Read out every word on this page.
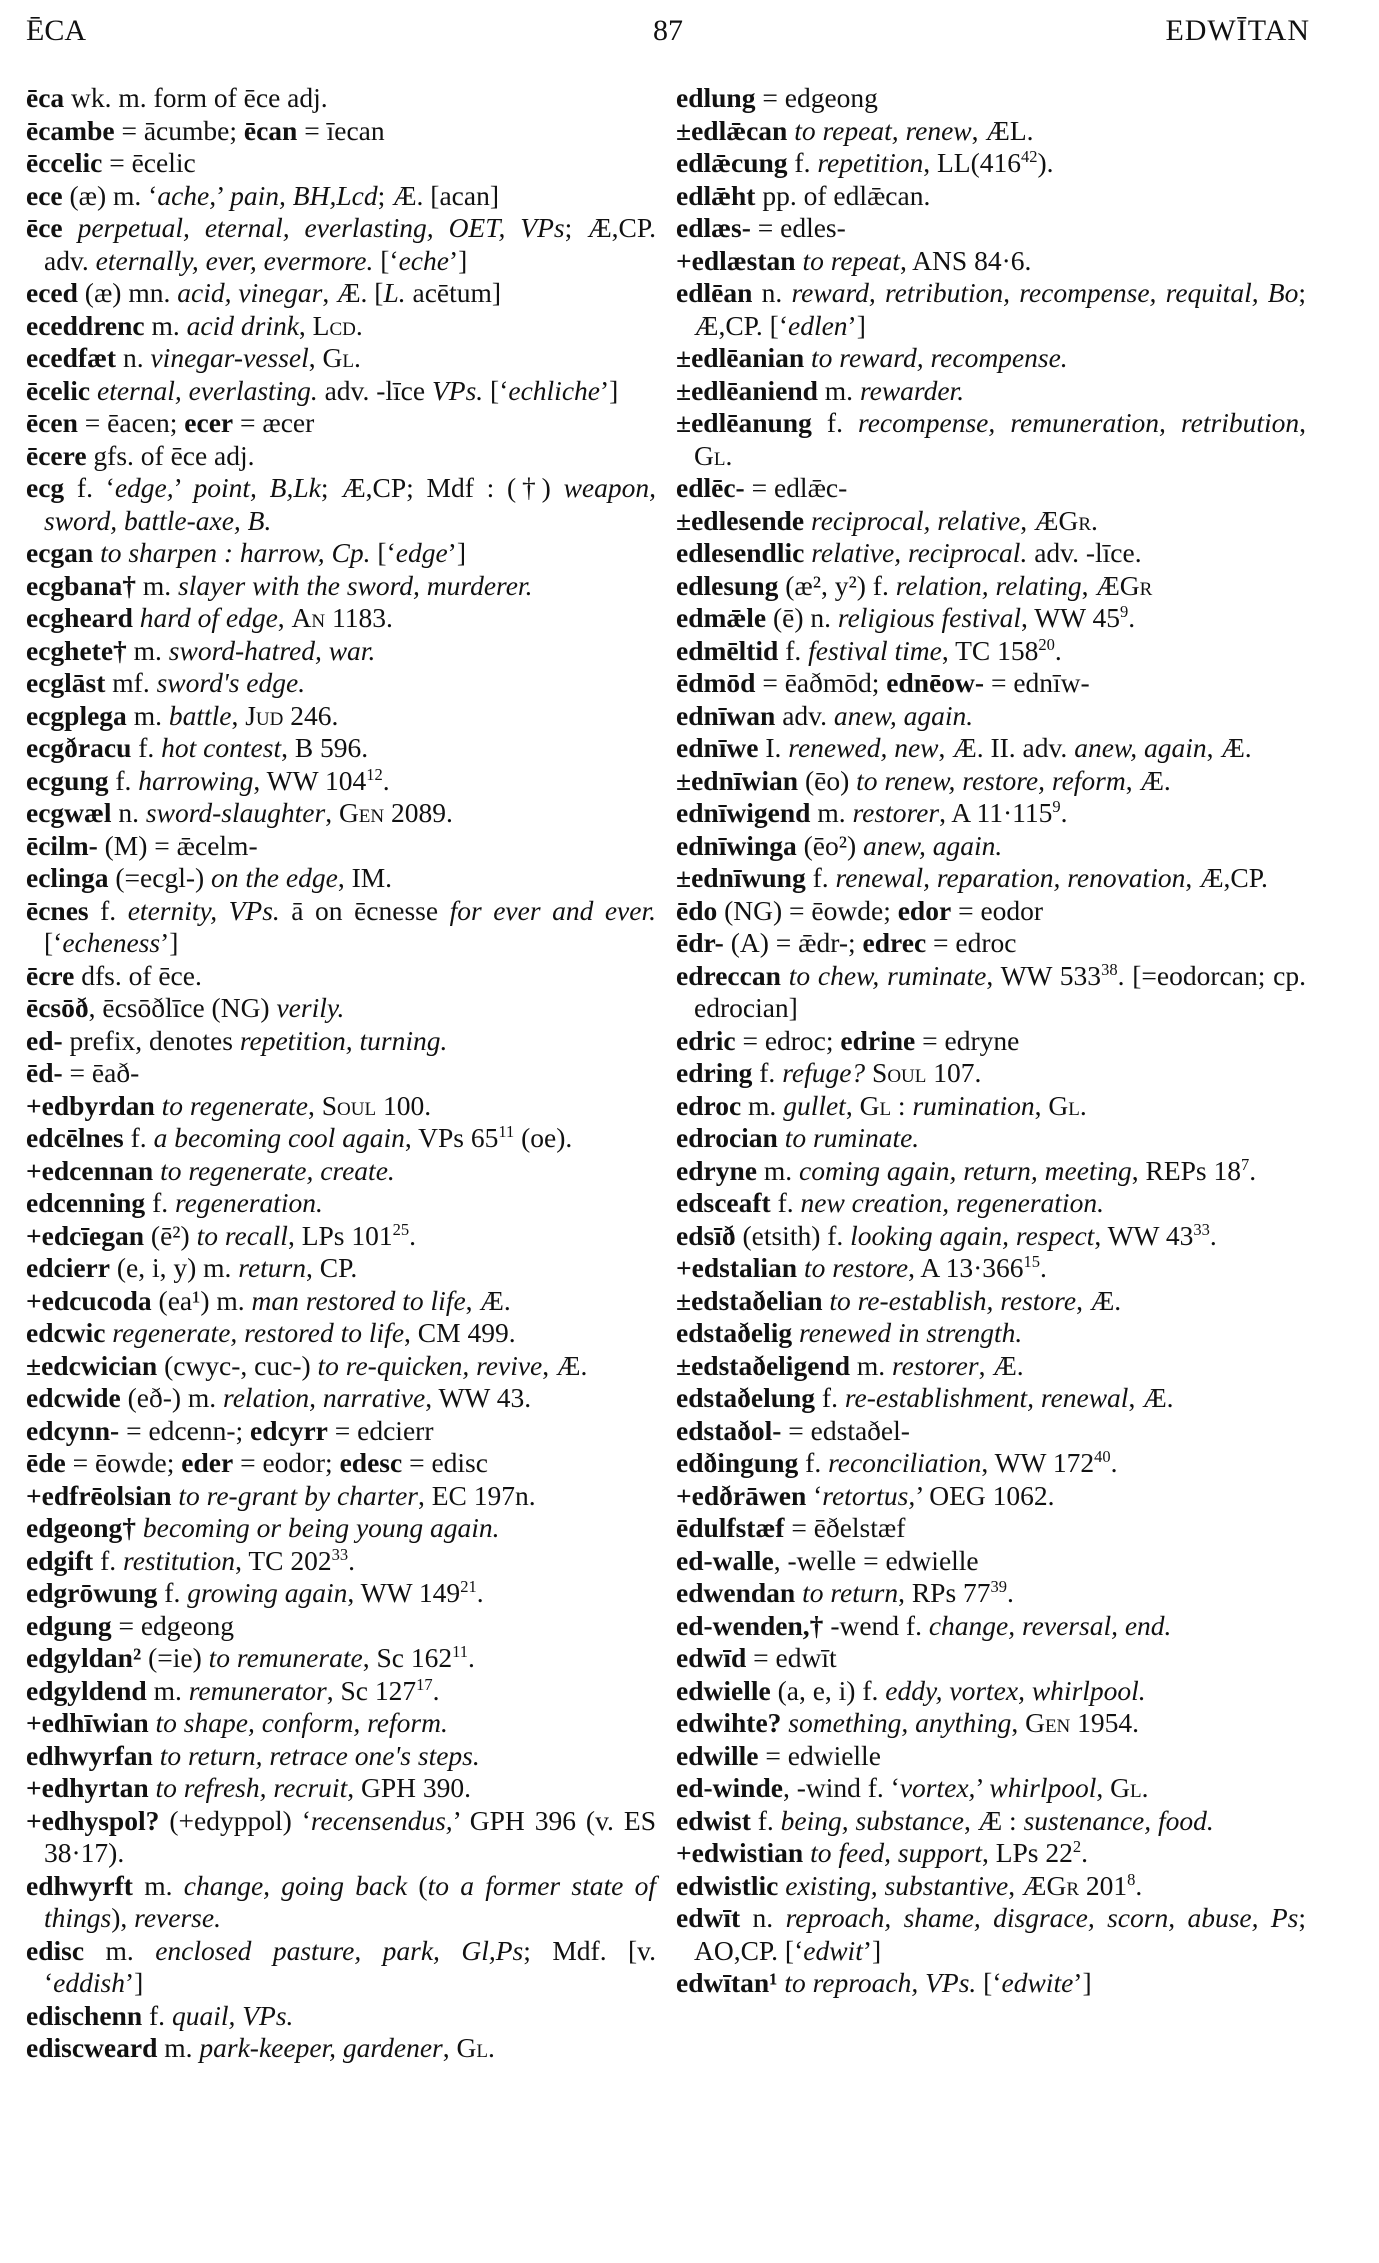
87
ĒCA	EDWĪTAN

ēca wk. m. form of ēce adj.

ēcambe = ācumbe; ēcan = īecan

ēccelic = ēcelic

ece (æ) m. ‘ache,’ pain, BH,Lcd; Æ. [acan]

ēce perpetual, eternal, everlasting, OET, VPs; Æ,CP. adv. eternally, ever, evermore. [‘eche’]

eced (æ) mn. acid, vinegar, Æ. [L. acētum]

eceddrenc m. acid drink, Lcd.

ecedfæt n. vinegar-vessel, Gl.

ēcelic eternal, everlasting. adv. -līce VPs. [‘echliche’]

ēcen = ēacen; ecer = æcer

ēcere gfs. of ēce adj.

ecg f. ‘edge,’ point, B,Lk; Æ,CP; Mdf : (†) weapon, sword, battle-axe, B.

ecgan to sharpen : harrow, Cp. [‘edge’]

ecgbana† m. slayer with the sword, murderer.

ecgheard hard of edge, An 1183.

ecghete† m. sword-hatred, war.

ecglāst mf. sword's edge.

ecgplega m. battle, Jud 246.

ecgðracu f. hot contest, B 596.

ecgung f. harrowing, WW $104^{12}$.

ecgwæl n. sword-slaughter, Gen 2089.

ēcilm- (M) = ǣcelm-

eclinga (=ecgl-) on the edge, IM.

ēcnes f. eternity, VPs. ā on ēcnesse for ever and ever. [‘echeness’]

ēcre dfs. of ēce.

ēcsōð, ēcsōðlīce (NG) verily.

ed- prefix, denotes repetition, turning.

ēd- = ēað-

+edbyrdan to regenerate, Soul 100.

edcēlnes f. a becoming cool again, VPs $65^{11}$ (oe).

+edcennan to regenerate, create.

edcenning f. regeneration.

+edcīegan (ē²) to recall, LPs $101^{25}$.

edcierr (e, i, y) m. return, CP.

+edcucoda (ea¹) m. man restored to life, Æ.

edcwic regenerate, restored to life, CM 499.

±edcwician (cwyc-, cuc-) to re-quicken, revive, Æ.

edcwide (eð-) m. relation, narrative, WW 43.

edcynn- = edcenn-; edcyrr = edcierr

ēde = ēowde; eder = eodor; edesc = edisc

+edfrēolsian to re-grant by charter, EC 197n.

edgeong† becoming or being young again.

edgift f. restitution, TC $202^{33}$.

edgrōwung f. growing again, WW $149^{21}$.

edgung = edgeong

edgyldan² (=ie) to remunerate, Sc $162^{11}$.

edgyldend m. remunerator, Sc $127^{17}$.

+edhīwian to shape, conform, reform.

edhwyrfan to return, retrace one's steps.

+edhyrtan to refresh, recruit, GPH 390.

+edhyspol? (+edyppol) ‘recensendus,’ GPH 396 (v. ES 38·17).

edhwyrft m. change, going back (to a former state of things), reverse.

edisc m. enclosed pasture, park, Gl,Ps; Mdf. [v. ‘eddish’]

edischenn f. quail, VPs.

ediscweard m. park-keeper, gardener, Gl.

edlung = edgeong

±edlǣcan to repeat, renew, ÆL.

edlǣcung f. repetition, $LL(416^{42})$.

edlǣht pp. of edlǣcan.

edlæs- = edles-

+edlæstan to repeat, ANS 84·6.

edlēan n. reward, retribution, recompense, requital, Bo; Æ,CP. [‘edlen’]

±edlēanian to reward, recompense.

±edlēaniend m. rewarder.

±edlēanung f. recompense, remuneration, retribution, Gl.

edlēc- = edlǣc-

±edlesende reciprocal, relative, ÆGr.

edlesendlic relative, reciprocal. adv. -līce.

edlesung (æ², y²) f. relation, relating, ÆGr

edmǣle (ē) n. religious festival, WW $45^9$.

edmēltid f. festival time, TC $158^{20}$.

ēdmōd = ēaðmōd; ednēow- = ednīw-

ednīwan adv. anew, again.

ednīwe I. renewed, new, Æ. II. adv. anew, again, Æ.

±ednīwian (ēo) to renew, restore, reform, Æ.

ednīwigend m. restorer, A $11\cdot 115^9$.

ednīwinga (ēo²) anew, again.

±ednīwung f. renewal, reparation, renovation, Æ,CP.

ēdo (NG) = ēowde; edor = eodor

ēdr- (A) = ǣdr-; edrec = edroc

edreccan to chew, ruminate, WW $533^{38}$. [=eodorcan; cp. edrocian]

edric = edroc; edrine = edryne

edring f. refuge? Soul 107.

edroc m. gullet, Gl : rumination, Gl.

edrocian to ruminate.

edryne m. coming again, return, meeting, REPs $18^7$.

edsceaft f. new creation, regeneration.

edsīð (etsith) f. looking again, respect, WW $43^{33}$.

+edstalian to restore, A $13\cdot 366^{15}$.

±edstaðelian to re-establish, restore, Æ.

edstaðelig renewed in strength.

±edstaðeligend m. restorer, Æ.

edstaðelung f. re-establishment, renewal, Æ.

edstaðol- = edstaðel-

edðingung f. reconciliation, WW $172^{40}$.

+edðrāwen ‘retortus,’ OEG 1062.

ēdulfstæf = ēðelstæf

ed-walle, -welle = edwielle

edwendan to return, RPs $77^{39}$.

ed-wenden,† -wend f. change, reversal, end.

edwīd = edwīt

edwielle (a, e, i) f. eddy, vortex, whirlpool.

edwihte? something, anything, Gen 1954.

edwille = edwielle

ed-winde, -wind f. ‘vortex,’ whirlpool, Gl.

edwist f. being, substance, Æ : sustenance, food.

+edwistian to feed, support, LPs $22^2$.

edwistlic existing, substantive, ÆGr $201^8$.

edwīt n. reproach, shame, disgrace, scorn, abuse, Ps; AO,CP. [‘edwit’]

edwītan¹ to reproach, VPs. [‘edwite’]
